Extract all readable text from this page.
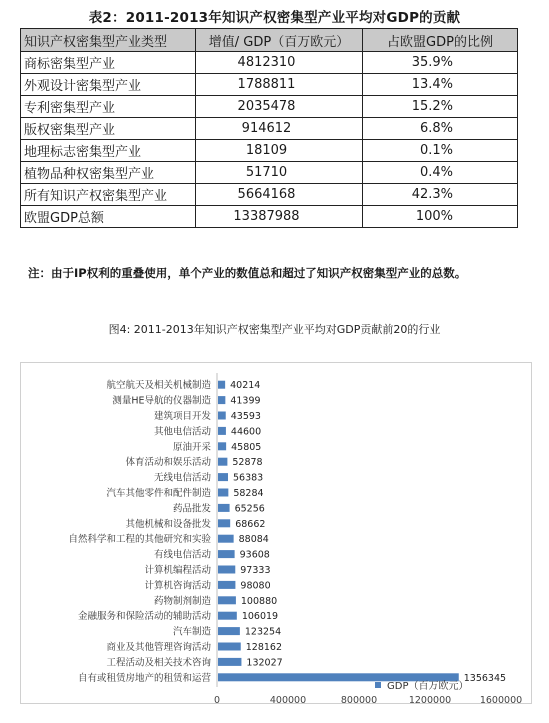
表2：2011-2013年知识产权密集型产业平均对GDP的贡献
知识产权密集型产业类型	增值/ GDP（百万欧元）	占欧盟GDP的比例
商标密集型产业	4812310	35.9%
外观设计密集型产业	1788811	13.4%
专利密集型产业	2035478	15.2%
版权密集型产业	914612	6.8%
地理标志密集型产业	18109	0.1%
植物品种权密集型产业	51710	0.4%
所有知识产权密集型产业	5664168	42.3%
欧盟GDP总额	13387988	100%
注：由于IP权利的重叠使用，单个产业的数值总和超过了知识产权密集型产业的总数。
图4: 2011-2013年知识产权密集型产业平均对GDP贡献前20的行业
航空航天及相关机械制造 40214
测量HE导航的仪器制造 41399
建筑项目开发 43593
其他电信活动 44600
原油开采 45805
体育活动和娱乐活动 52878
无线电信活动 56383
汽车其他零件和配件制造 58284
药品批发 65256
其他机械和设备批发	68662
自然科学和工程的其他研究和实验	88084
有线电信活动	93608
计算机编程活动	97333
计算机咨询活动	98080
药物制剂制造	100880
金融服务和保险活动的辅助活动	106019
汽车制造	123254
商业及其他管理咨询活动	128162
工程活动及相关技术咨询	132027
自有或租赁房地产的租赁和运营	1356345
0	400000	800000	1200000	1600000
GDP（百万欧元）
